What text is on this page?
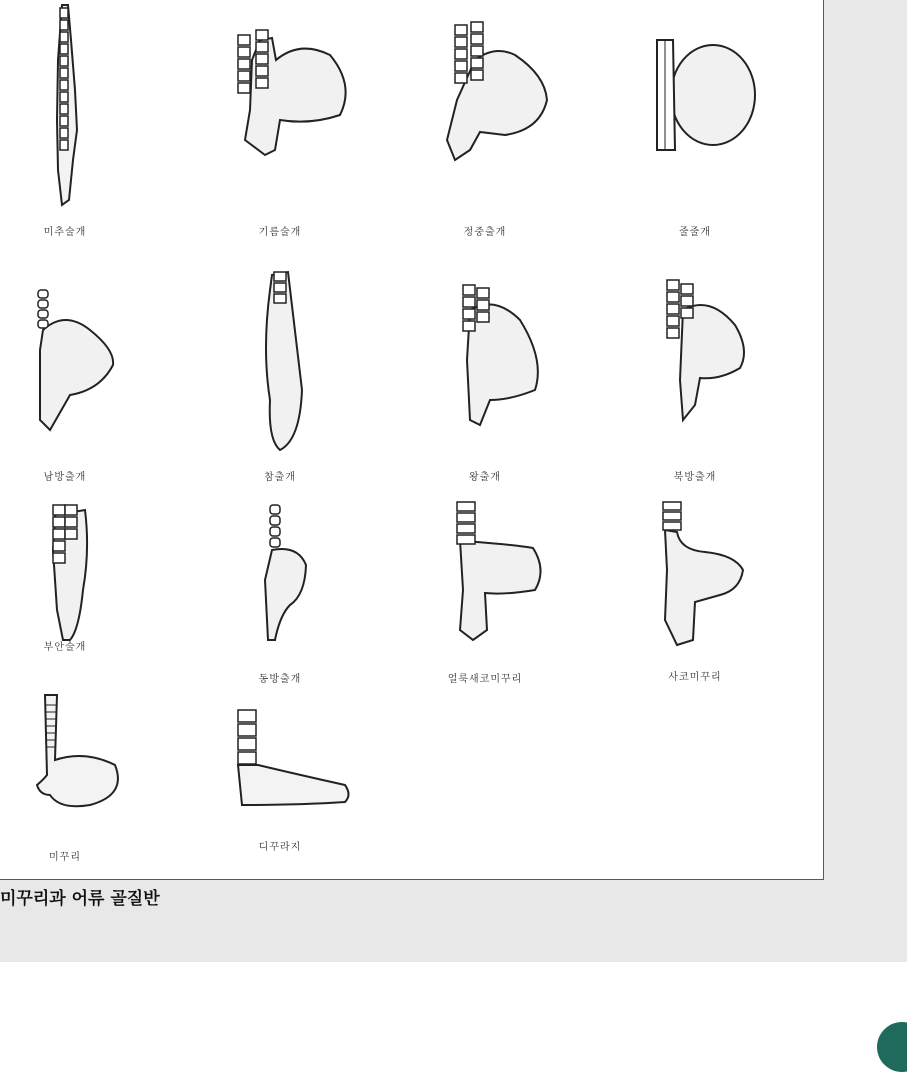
미추술개	기름술개	정중출개	줄줄개
남방출개	참출개	왕출개	북방출개
부안술개
동방출개	얼룩새코미꾸리	사코미꾸리
미꾸리
디꾸라지
미꾸리과 어류 골질반
